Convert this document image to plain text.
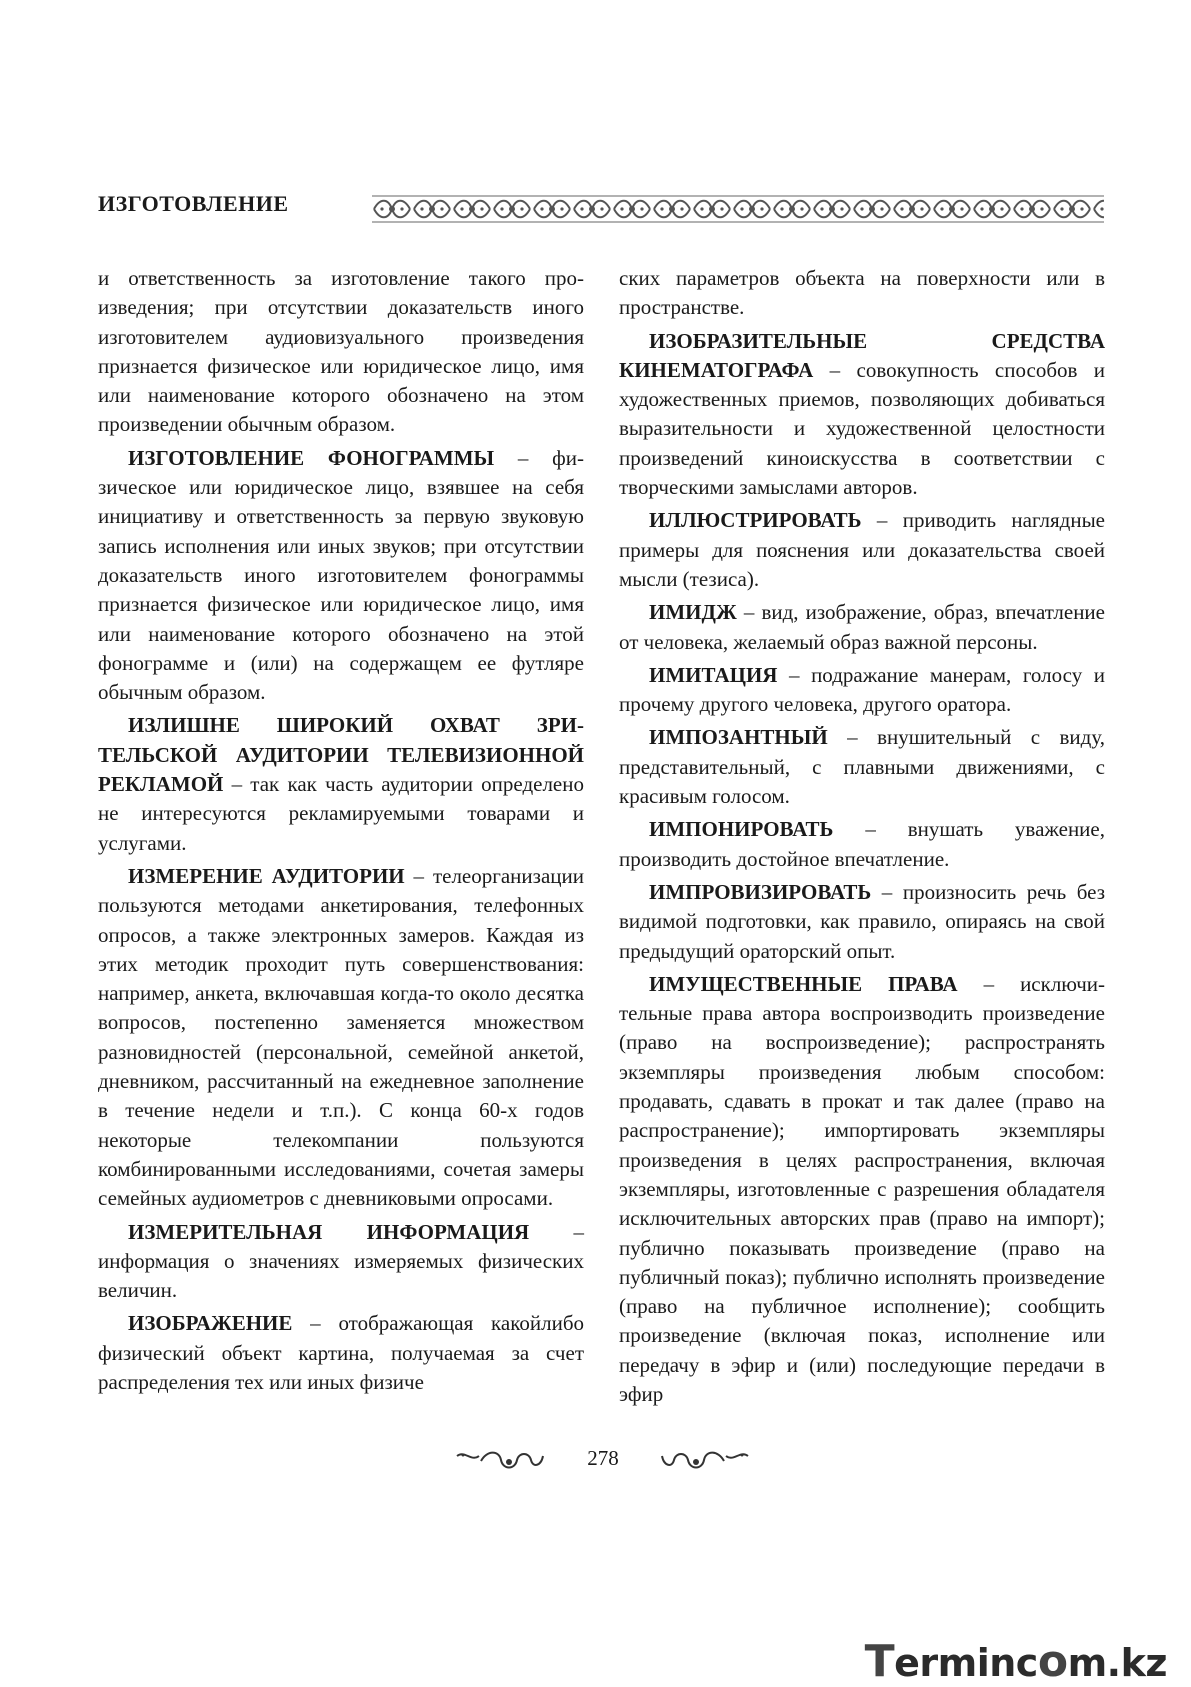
ИЗГОТОВЛЕНИЕ

и ответственность за изготовление такого произведения; при отсутствии доказательств иного изготовителем аудиовизуального произведения признается физическое или юридическое лицо, имя или наименование которого обозначено на этом произведении обычным образом.

ИЗГОТОВЛЕНИЕ ФОНОГРАММЫ – физическое или юридическое лицо, взявшее на себя инициативу и ответственность за первую звуковую запись исполнения или иных звуков; при отсутствии доказательств иного изготовителем фонограммы признается физическое или юридическое лицо, имя или наименование которого обозначено на этой фонограмме и (или) на содержащем ее футляре обычным образом.

ИЗЛИШНЕ ШИРОКИЙ ОХВАТ ЗРИТЕЛЬСКОЙ АУДИТОРИИ ТЕЛЕВИЗИОННОЙ РЕКЛАМОЙ – так как часть аудитории определено не интересуются рекламируемыми товарами и услугами.

ИЗМЕРЕНИЕ АУДИТОРИИ – телеорганизации пользуются методами анкетирования, телефонных опросов, а также электронных замеров. Каждая из этих методик проходит путь совершенствования: например, анкета, включавшая когда-то около десятка вопросов, постепенно заменяется множеством разновидностей (персональной, семейной анкетой, дневником, рассчитанный на ежедневное заполнение в течение недели и т.п.). С конца 60-х годов некоторые телекомпании пользуются комбинированными исследованиями, сочетая замеры семейных аудиометров с дневниковыми опросами.

ИЗМЕРИТЕЛЬНАЯ ИНФОРМАЦИЯ – информация о значениях измеряемых физических величин.

ИЗОБРАЖЕНИЕ – отображающая какойлибо физический объект картина, получаемая за счет распределения тех или иных физиче

ских параметров объекта на поверхности или в пространстве.

ИЗОБРАЗИТЕЛЬНЫЕ СРЕДСТВА КИНЕМАТОГРАФА – совокупность способов и художественных приемов, позволяющих добиваться выразительности и художественной целостности произведений киноискусства в соответствии с творческими замыслами авторов.

ИЛЛЮСТРИРОВАТЬ – приводить наглядные примеры для пояснения или доказательства своей мысли (тезиса).

ИМИДЖ – вид, изображение, образ, впечатление от человека, желаемый образ важной персоны.

ИМИТАЦИЯ – подражание манерам, голосу и прочему другого человека, другого оратора.

ИМПОЗАНТНЫЙ – внушительный с виду, представительный, с плавными движениями, с красивым голосом.

ИМПОНИРОВАТЬ – внушать уважение, производить достойное впечатление.

ИМПРОВИЗИРОВАТЬ – произносить речь без видимой подготовки, как правило, опираясь на свой предыдущий ораторский опыт.

ИМУЩЕСТВЕННЫЕ ПРАВА – исключительные права автора воспроизводить произведение (право на воспроизведение); распространять экземпляры произведения любым способом: продавать, сдавать в прокат и так далее (право на распространение); импортировать экземпляры произведения в целях распространения, включая экземпляры, изготовленные с разрешения обладателя исключительных авторских прав (право на импорт); публично показывать произведение (право на публичный показ); публично исполнять произведение (право на публичное исполнение); сообщить произведение (включая показ, исполнение или передачу в эфир и (или) последующие передачи в эфир

278
Termincom.kz
